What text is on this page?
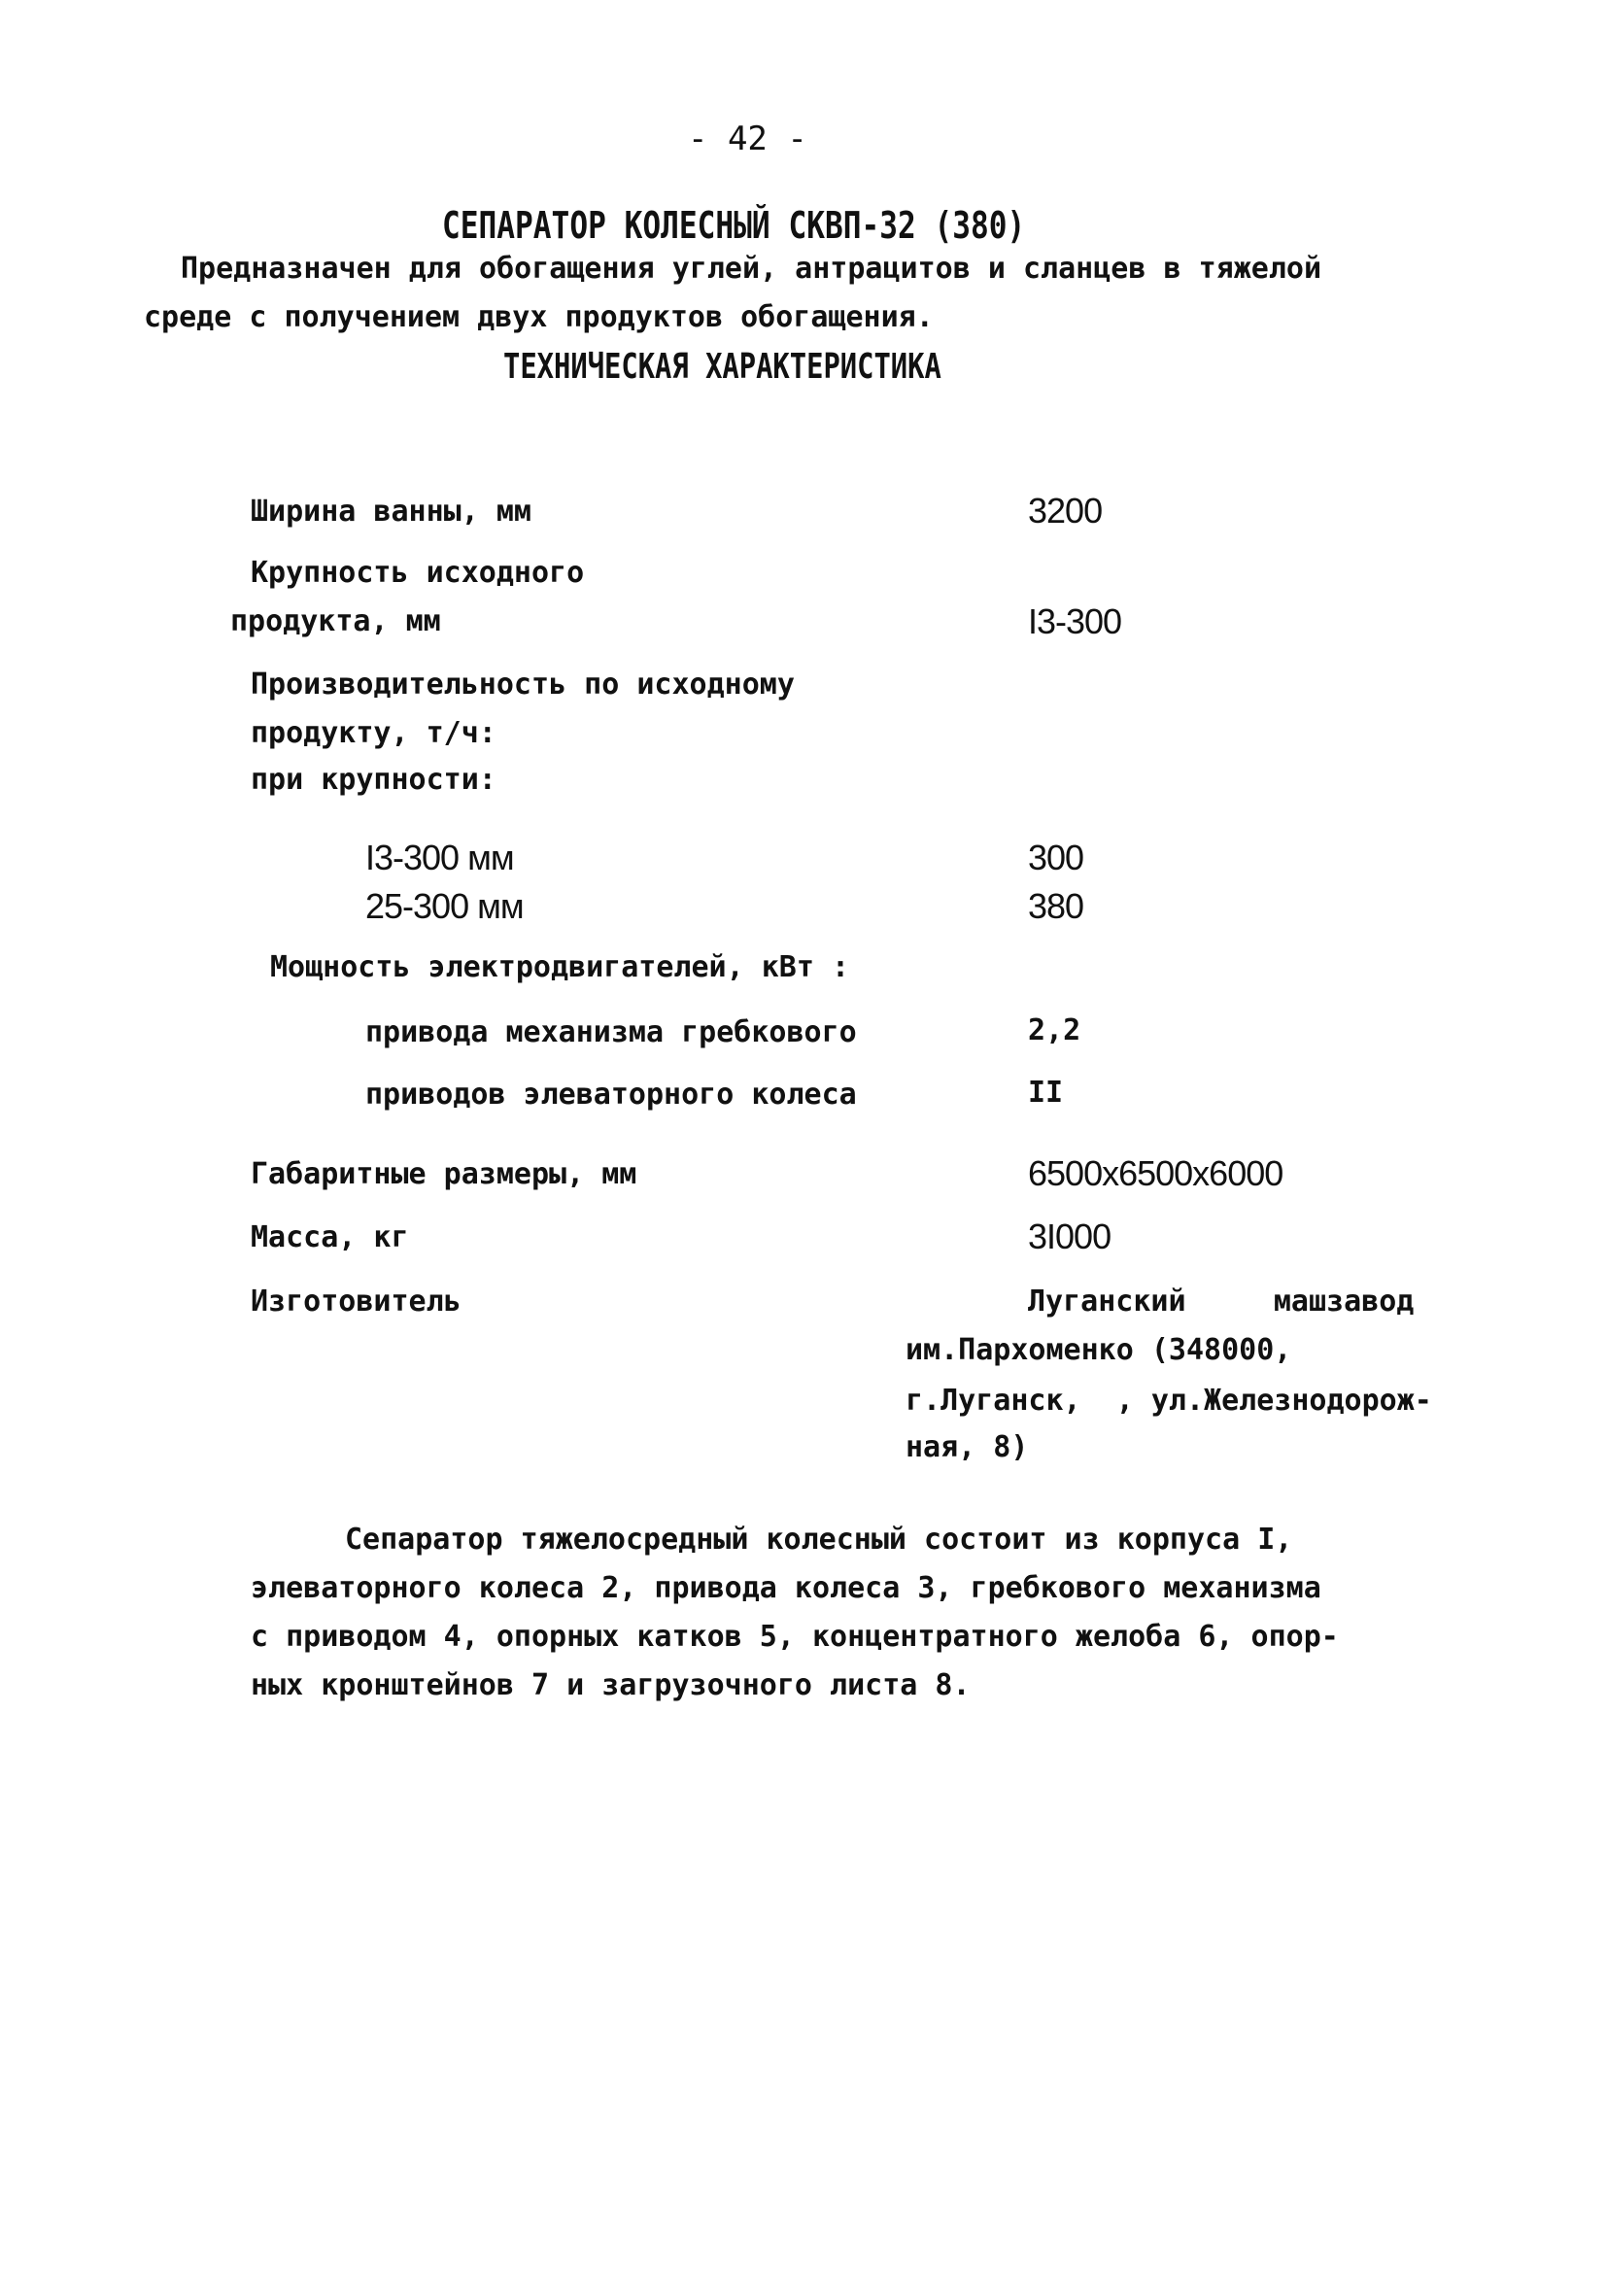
- 42 -
СЕПАРАТОР КОЛЕСНЫЙ СКВП-32 (380)
Предназначен для обогащения углей, антрацитов и сланцев в тяжелой
среде с получением двух продуктов обогащения.
ТЕХНИЧЕСКАЯ ХАРАКТЕРИСТИКА
Ширина ванны, мм	3200
Крупность исходного
продукта, мм	I3-300
Производительность по исходному
продукту, т/ч:
при крупности:
I3-300 мм	300
25-300 мм	380
Мощность электродвигателей, кВт :
привода механизма гребкового	2,2
приводов элеваторного колеса	II
Габаритные размеры, мм	6500x6500x6000
Масса, кг	3I000
Изготовитель	Луганский     машзавод
им.Пархоменко (348000,
г.Луганск,  , ул.Железнодорож-
ная, 8)
Сепаратор тяжелосредный колесный состоит из корпуса I,
элеваторного колеса 2, привода колеса 3, гребкового механизма
с приводом 4, опорных катков 5, концентратного желоба 6, опор-
ных кронштейнов 7 и загрузочного листа 8.
